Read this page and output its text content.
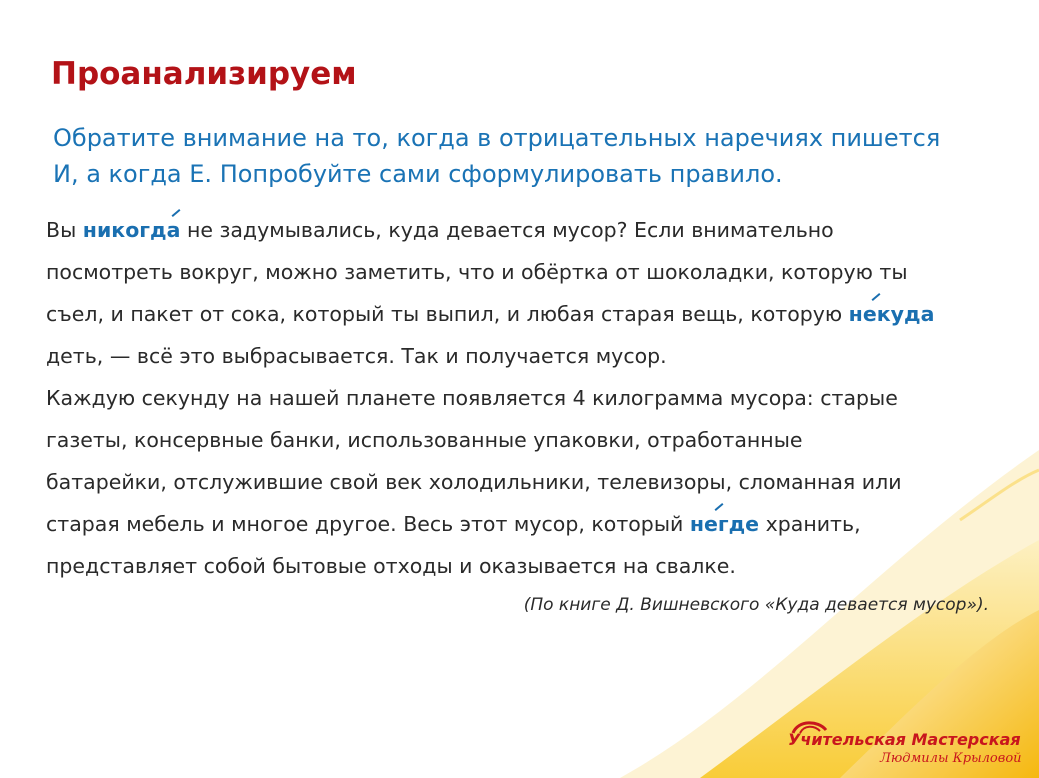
Проанализируем
Обратите внимание на то, когда в отрицательных наречиях пишется
И, а когда Е. Попробуйте сами сформулировать правило.
Вы никогда
не задумывались, куда девается мусор? Если внимательно
посмотреть вокруг, можно заметить, что и обёртка от шоколадки, которую ты
съел, и пакет от сока, который ты выпил, и любая старая вещь, которую некуда
деть, — всё это выбрасывается. Так и получается мусор.
Каждую секунду на нашей планете появляется 4 килограмма мусора: старые
газеты, консервные банки, использованные упаковки, отработанные
батарейки, отслужившие свой век холодильники, телевизоры, сломанная или
старая мебель и многое другое. Весь этот мусор, который негде
хранить,
представляет собой бытовые отходы и оказывается на свалке.
(По книге Д. Вишневского «Куда девается мусор»).
Учительская Мастерская
Людмилы Крыловой
